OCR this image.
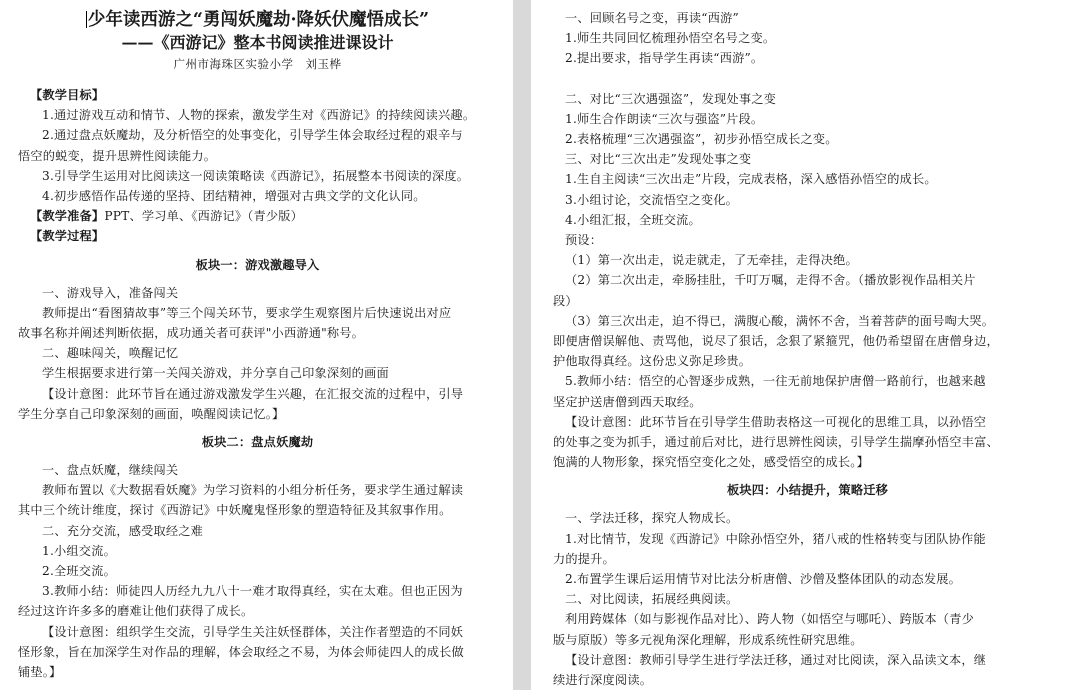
少年读西游之“勇闯妖魔劫·降妖伏魔悟成长”
——《西游记》整本书阅读推进课设计
广州市海珠区实验小学　刘玉桦
【教学目标】
1.通过游戏互动和情节、人物的探索，激发学生对《西游记》的持续阅读兴趣。
2.通过盘点妖魔劫，及分析悟空的处事变化，引导学生体会取经过程的艰辛与
悟空的蜕变，提升思辨性阅读能力。
3.引导学生运用对比阅读这一阅读策略读《西游记》，拓展整本书阅读的深度。
4.初步感悟作品传递的坚持、团结精神，增强对古典文学的文化认同。
【教学准备】PPT、学习单、《西游记》（青少版）
【教学过程】
板块一：游戏激趣导入
一、游戏导入，准备闯关
教师提出“看图猜故事”等三个闯关环节，要求学生观察图片后快速说出对应
故事名称并阐述判断依据，成功通关者可获评"小西游通"称号。
二、趣味闯关，唤醒记忆
学生根据要求进行第一关闯关游戏，并分享自己印象深刻的画面
【设计意图：此环节旨在通过游戏激发学生兴趣，在汇报交流的过程中，引导
学生分享自己印象深刻的画面，唤醒阅读记忆。】
板块二：盘点妖魔劫
一、盘点妖魔，继续闯关
教师布置以《大数据看妖魔》为学习资料的小组分析任务，要求学生通过解读
其中三个统计维度，探讨《西游记》中妖魔鬼怪形象的塑造特征及其叙事作用。
二、充分交流，感受取经之难
1.小组交流。
2.全班交流。
3.教师小结：师徒四人历经九九八十一难才取得真经，实在太难。但也正因为
经过这许许多多的磨难让他们获得了成长。
【设计意图：组织学生交流，引导学生关注妖怪群体，关注作者塑造的不同妖
怪形象，旨在加深学生对作品的理解，体会取经之不易，为体会师徒四人的成长做
铺垫。】
一、回顾名号之变，再读“西游”
1.师生共同回忆梳理孙悟空名号之变。
2.提出要求，指导学生再读“西游”。
二、对比“三次遇强盗”，发现处事之变
1.师生合作朗读“三次与强盗”片段。
2.表格梳理“三次遇强盗”，初步孙悟空成长之变。
三、对比“三次出走”发现处事之变
1.生自主阅读“三次出走”片段，完成表格，深入感悟孙悟空的成长。
3.小组讨论，交流悟空之变化。
4.小组汇报，全班交流。
预设：
（1）第一次出走，说走就走，了无牵挂，走得决绝。
（2）第二次出走，牵肠挂肚，千叮万嘱，走得不舍。（播放影视作品相关片
段）
（3）第三次出走，迫不得已，满腹心酸，满怀不舍，当着菩萨的面号啕大哭。
即便唐僧误解他、责骂他，说尽了狠话，念狠了紧箍咒，他仍希望留在唐僧身边，
护他取得真经。这份忠义弥足珍贵。
5.教师小结：悟空的心智逐步成熟，一往无前地保护唐僧一路前行，也越来越
坚定护送唐僧到西天取经。
【设计意图：此环节旨在引导学生借助表格这一可视化的思维工具，以孙悟空
的处事之变为抓手，通过前后对比，进行思辨性阅读，引导学生揣摩孙悟空丰富、
饱满的人物形象，探究悟空变化之处，感受悟空的成长。】
板块四：小结提升，策略迁移
一、学法迁移，探究人物成长。
1.对比情节，发现《西游记》中除孙悟空外，猪八戒的性格转变与团队协作能
力的提升。
2.布置学生课后运用情节对比法分析唐僧、沙僧及整体团队的动态发展。
二、对比阅读，拓展经典阅读。
利用跨媒体（如与影视作品对比）、跨人物（如悟空与哪吒）、跨版本（青少
版与原版）等多元视角深化理解，形成系统性研究思维。
【设计意图：教师引导学生进行学法迁移，通过对比阅读，深入品读文本，继
续进行深度阅读。
